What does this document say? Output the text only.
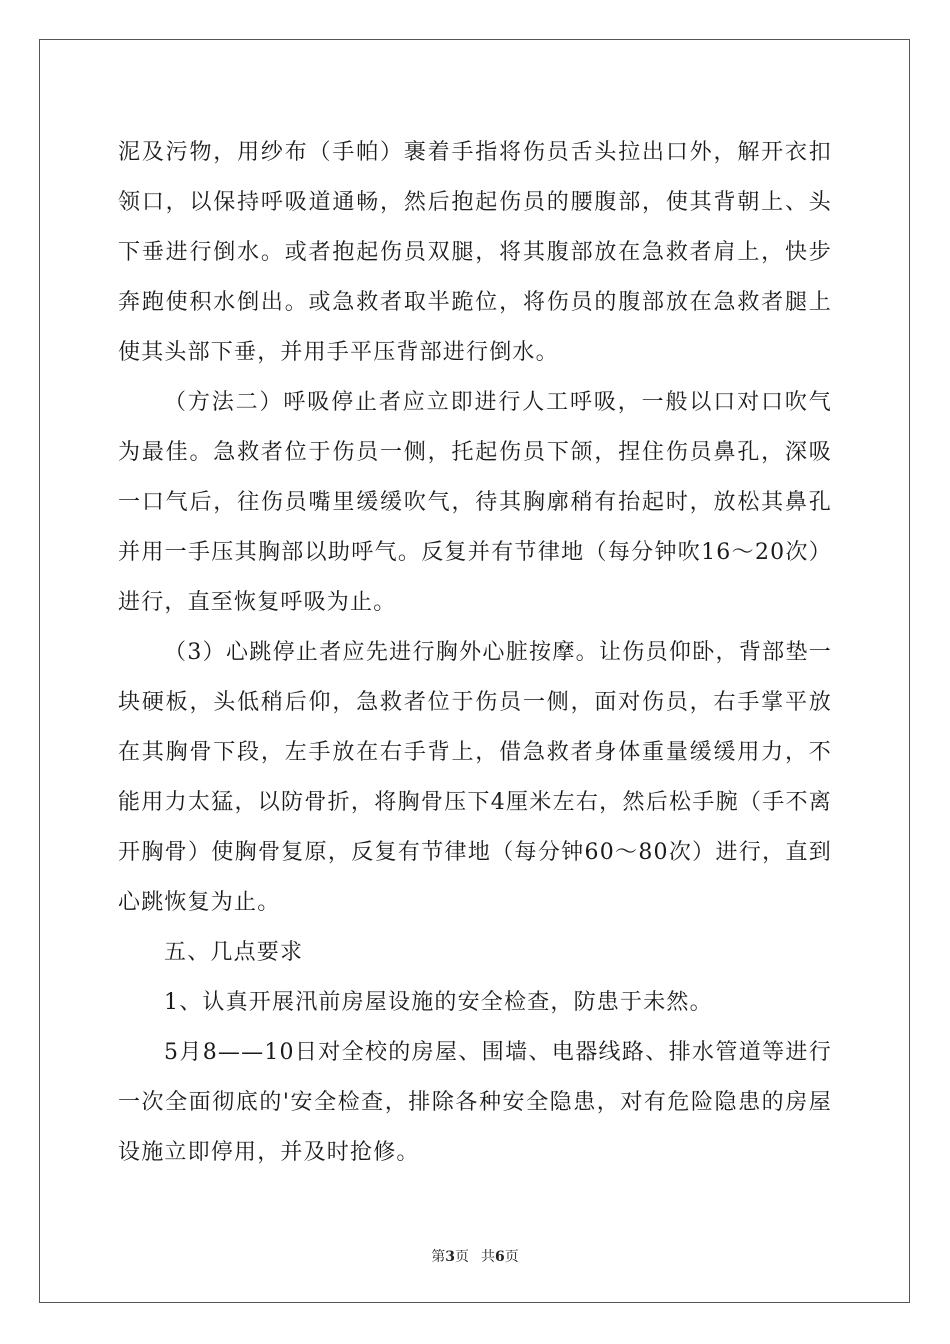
泥及污物，用纱布（手帕）裹着手指将伤员舌头拉出口外，解开衣扣领口，以保持呼吸道通畅，然后抱起伤员的腰腹部，使其背朝上、头下垂进行倒水。或者抱起伤员双腿，将其腹部放在急救者肩上，快步奔跑使积水倒出。或急救者取半跪位，将伤员的腹部放在急救者腿上使其头部下垂，并用手平压背部进行倒水。

（方法二）呼吸停止者应立即进行人工呼吸，一般以口对口吹气为最佳。急救者位于伤员一侧，托起伤员下颌，捏住伤员鼻孔，深吸一口气后，往伤员嘴里缓缓吹气，待其胸廓稍有抬起时，放松其鼻孔并用一手压其胸部以助呼气。反复并有节律地（每分钟吹16～20次）进行，直至恢复呼吸为止。

（3）心跳停止者应先进行胸外心脏按摩。让伤员仰卧，背部垫一块硬板，头低稍后仰，急救者位于伤员一侧，面对伤员，右手掌平放在其胸骨下段，左手放在右手背上，借急救者身体重量缓缓用力，不能用力太猛，以防骨折，将胸骨压下4厘米左右，然后松手腕（手不离开胸骨）使胸骨复原，反复有节律地（每分钟60～80次）进行，直到心跳恢复为止。

五、几点要求

1、认真开展汛前房屋设施的安全检查，防患于未然。

5月8——10日对全校的房屋、围墙、电器线路、排水管道等进行一次全面彻底的'安全检查，排除各种安全隐患，对有危险隐患的房屋设施立即停用，并及时抢修。

第3页 共6页
